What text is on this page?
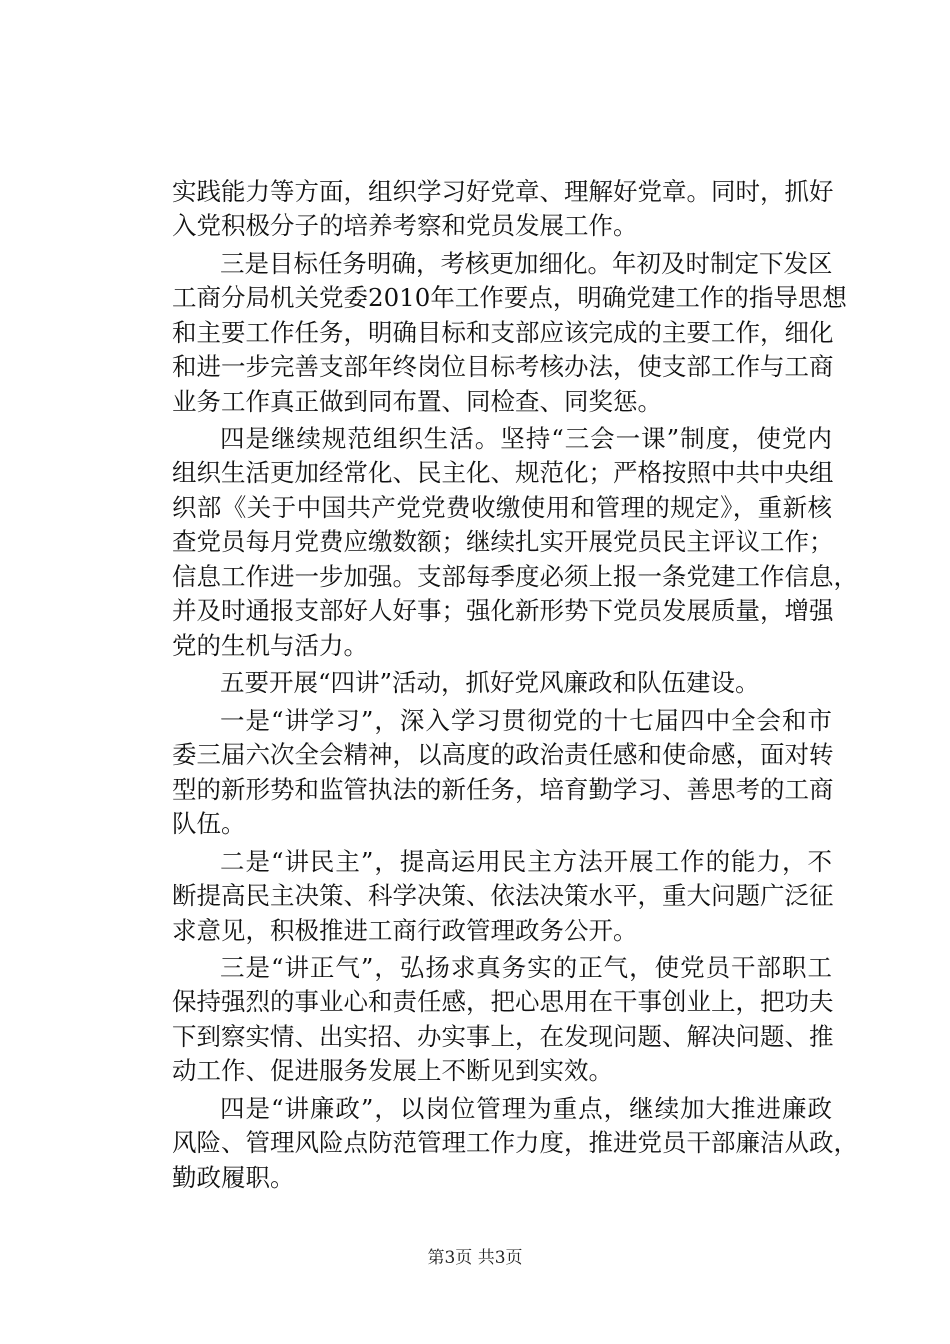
实践能力等方面，组织学习好党章、理解好党章。同时，抓好
入党积极分子的培养考察和党员发展工作。
三是目标任务明确，考核更加细化。年初及时制定下发区
工商分局机关党委2010年工作要点，明确党建工作的指导思想
和主要工作任务，明确目标和支部应该完成的主要工作，细化
和进一步完善支部年终岗位目标考核办法，使支部工作与工商
业务工作真正做到同布置、同检查、同奖惩。
四是继续规范组织生活。坚持“三会一课”制度，使党内
组织生活更加经常化、民主化、规范化；严格按照中共中央组
织部《关于中国共产党党费收缴使用和管理的规定》，重新核
查党员每月党费应缴数额；继续扎实开展党员民主评议工作；
信息工作进一步加强。支部每季度必须上报一条党建工作信息，
并及时通报支部好人好事；强化新形势下党员发展质量，增强
党的生机与活力。
五要开展“四讲”活动，抓好党风廉政和队伍建设。
一是“讲学习”，深入学习贯彻党的十七届四中全会和市
委三届六次全会精神，以高度的政治责任感和使命感，面对转
型的新形势和监管执法的新任务，培育勤学习、善思考的工商
队伍。
二是“讲民主”，提高运用民主方法开展工作的能力，不
断提高民主决策、科学决策、依法决策水平，重大问题广泛征
求意见，积极推进工商行政管理政务公开。
三是“讲正气”，弘扬求真务实的正气，使党员干部职工
保持强烈的事业心和责任感，把心思用在干事创业上，把功夫
下到察实情、出实招、办实事上，在发现问题、解决问题、推
动工作、促进服务发展上不断见到实效。
四是“讲廉政”，以岗位管理为重点，继续加大推进廉政
风险、管理风险点防范管理工作力度，推进党员干部廉洁从政，
勤政履职。
第3页 共3页
